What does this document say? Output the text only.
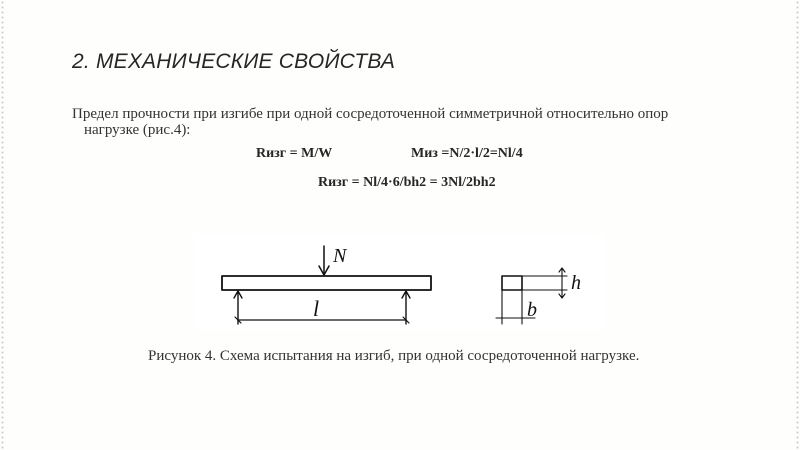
2. МЕХАНИЧЕСКИЕ СВОЙСТВА

Предел прочности при изгибе при одной сосредоточенной симметричной относительно опор
нагрузке (рис.4):

Rизг = M/W	Mиз =N/2·l/2=Nl/4

Rизг = Nl/4·6/bh2 = 3Nl/2bh2

N
l
h
b

Рисунок 4. Схема испытания на изгиб, при одной сосредоточенной нагрузке.
